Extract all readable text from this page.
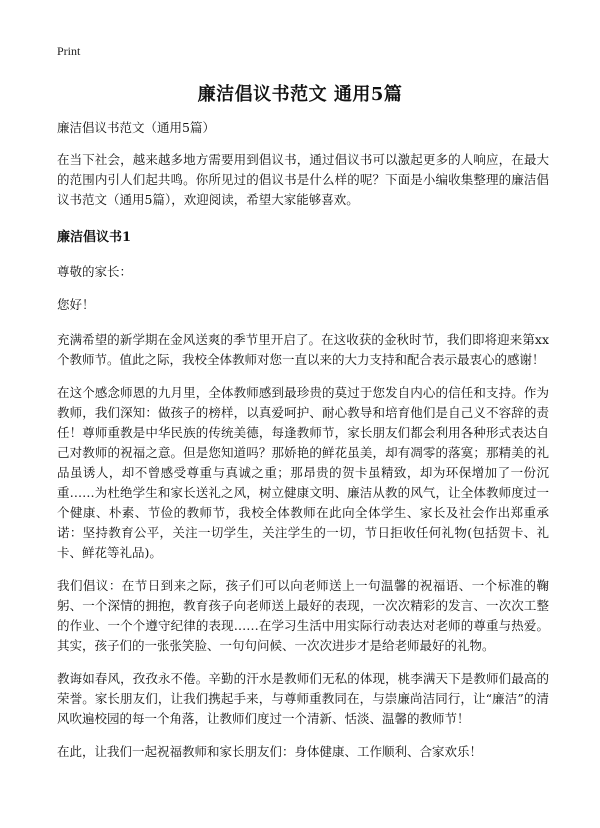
Print
廉洁倡议书范文 通用5篇

廉洁倡议书范文（通用5篇）

在当下社会，越来越多地方需要用到倡议书，通过倡议书可以激起更多的人响应，在最大的范围内引人们起共鸣。你所见过的倡议书是什么样的呢？下面是小编收集整理的廉洁倡议书范文（通用5篇），欢迎阅读，希望大家能够喜欢。

廉洁倡议书1

尊敬的家长：

您好！

充满希望的新学期在金风送爽的季节里开启了。在这收获的金秋时节，我们即将迎来第xx个教师节。值此之际，我校全体教师对您一直以来的大力支持和配合表示最衷心的感谢！

在这个感念师恩的九月里，全体教师感到最珍贵的莫过于您发自内心的信任和支持。作为教师，我们深知：做孩子的榜样，以真爱呵护、耐心教导和培育他们是自己义不容辞的责任！尊师重教是中华民族的传统美德，每逢教师节，家长朋友们都会利用各种形式表达自己对教师的祝福之意。但是您知道吗？那娇艳的鲜花虽美，却有凋零的落寞；那精美的礼品虽诱人，却不曾感受尊重与真诚之重；那昂贵的贺卡虽精致，却为环保增加了一份沉重……为杜绝学生和家长送礼之风，树立健康文明、廉洁从教的风气，让全体教师度过一个健康、朴素、节俭的教师节，我校全体教师在此向全体学生、家长及社会作出郑重承诺：坚持教育公平，关注一切学生，关注学生的一切，节日拒收任何礼物(包括贺卡、礼卡、鲜花等礼品)。

我们倡议：在节日到来之际，孩子们可以向老师送上一句温馨的祝福语、一个标准的鞠躬、一个深情的拥抱，教育孩子向老师送上最好的表现，一次次精彩的发言、一次次工整的作业、一个个遵守纪律的表现……在学习生活中用实际行动表达对老师的尊重与热爱。其实，孩子们的一张张笑脸、一句句问候、一次次进步才是给老师最好的礼物。

教诲如春风，孜孜永不倦。辛勤的汗水是教师们无私的体现，桃李满天下是教师们最高的荣誉。家长朋友们，让我们携起手来，与尊师重教同在，与崇廉尚洁同行，让“廉洁”的清风吹遍校园的每一个角落，让教师们度过一个清新、恬淡、温馨的教师节！

在此，让我们一起祝福教师和家长朋友们：身体健康、工作顺利、合家欢乐！
